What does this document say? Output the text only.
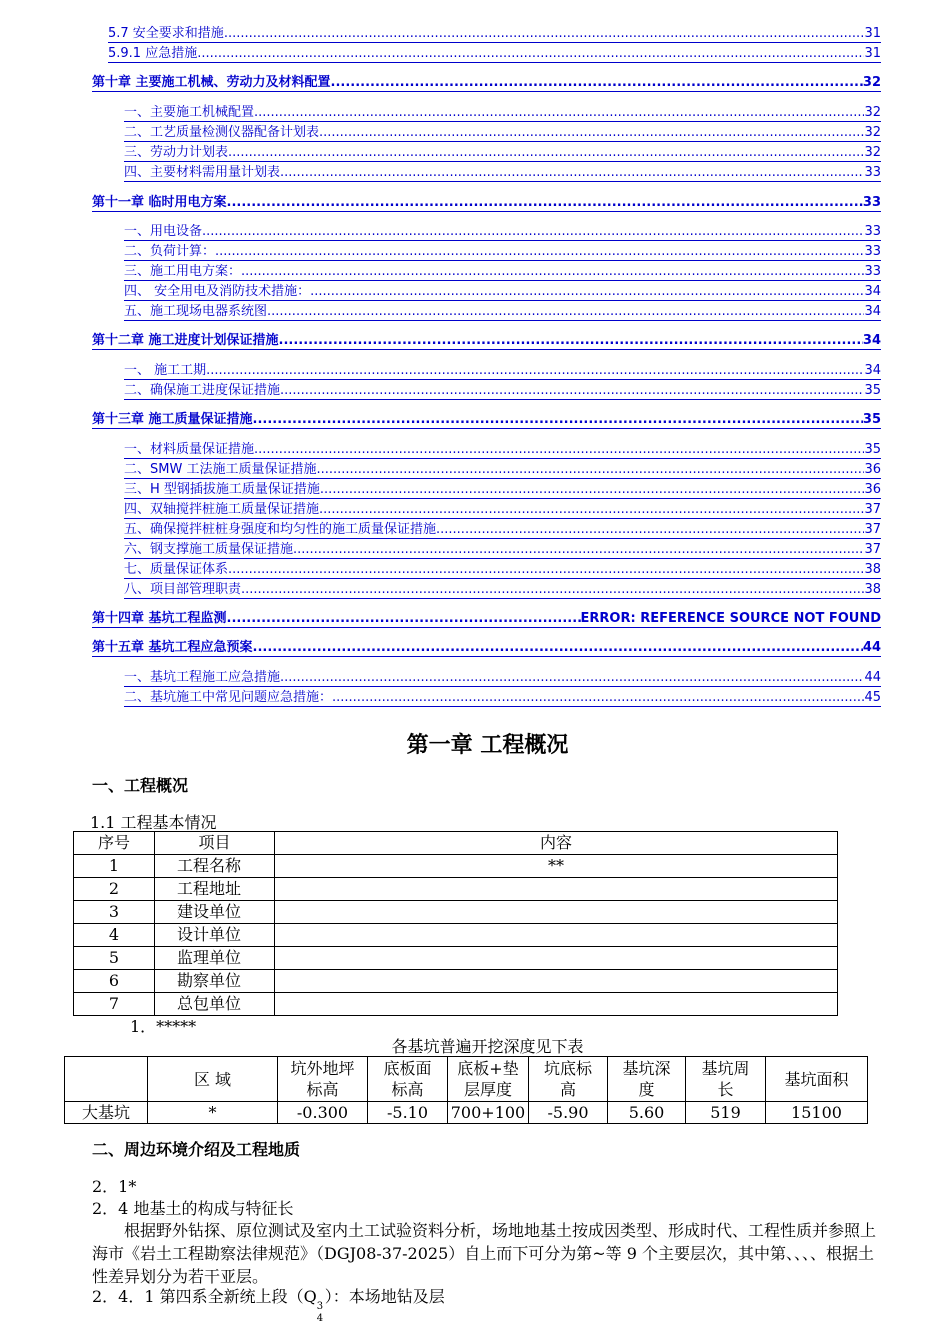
5.7 安全要求和措施 .....	31
5.9.1 应急措施 .....	31
第十章 主要施工机械、劳动力及材料配置 .....	32
一、主要施工机械配置 .....	32
二、工艺质量检测仪器配备计划表 .....	32
三、劳动力计划表 .....	32
四、主要材料需用量计划表 .....	33
第十一章 临时用电方案 .....	33
一、用电设备 .....	33
二、负荷计算： .....	33
三、施工用电方案： .....	33
四、 安全用电及消防技术措施： .....	34
五、施工现场电器系统图 .....	34
第十二章 施工进度计划保证措施 .....	34
一、 施工工期 .....	34
二、确保施工进度保证措施 .....	35
第十三章 施工质量保证措施 .....	35
一、材料质量保证措施 .....	35
二、SMW 工法施工质量保证措施 .....	36
三、H 型钢插拔施工质量保证措施 .....	36
四、双轴搅拌桩施工质量保证措施 .....	37
五、确保搅拌桩桩身强度和均匀性的施工质量保证措施 .....	37
六、钢支撑施工质量保证措施 .....	37
七、质量保证体系 .....	38
八、项目部管理职责 .....	38
第十四章 基坑工程监测 .....	ERROR: REFERENCE SOURCE NOT FOUND
第十五章 基坑工程应急预案 .....	44
一、基坑工程施工应急措施 .....	44
二、基坑施工中常见问题应急措施： .....	45
第一章 工程概况
一、工程概况
1.1 工程基本情况
序号	项目	内容
1	工程名称	**
2	工程地址	
3	建设单位	
4	设计单位	
5	监理单位	
6	勘察单位	
7	总包单位	
1．*****
各基坑普遍开挖深度见下表
	区 域	坑外地坪标高	底板面标高	底板+垫层厚度	坑底标高	基坑深度	基坑周长	基坑面积
大基坑	*	-0.300	-5.10	700+100	-5.90	5.60	519	15100
二、周边环境介绍及工程地质
2．1*
2．4 地基土的构成与特征长
根据野外钻探、原位测试及室内土工试验资料分析，场地地基土按成因类型、形成时代、工程性质并参照上海市《岩土工程勘察法律规范》（DGJ08-37-2025）自上而下可分为第~等 9 个主要层次，其中第、、、、根据土性差异划分为若干亚层。
2．4．1 第四系全新统上段（Q
3
4
）：本场地钻及层
